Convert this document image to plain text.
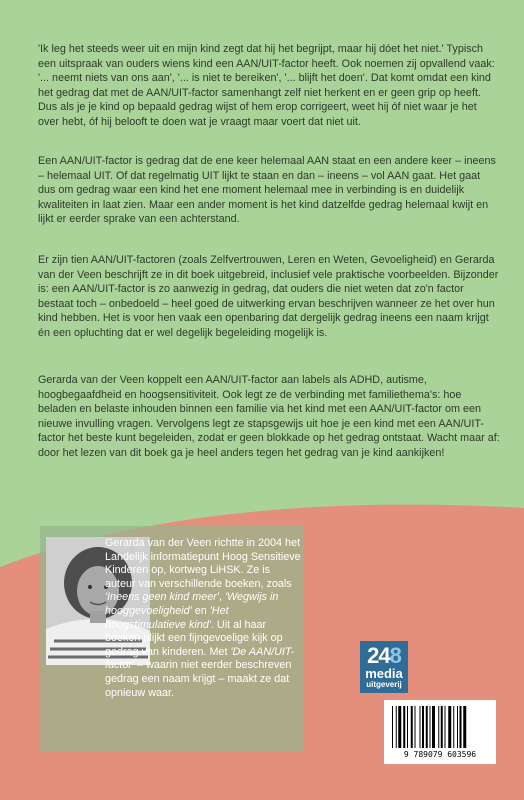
'Ik leg het steeds weer uit en mijn kind zegt dat hij het begrijpt, maar hij dóet het niet.' Typisch een uitspraak van ouders wiens kind een AAN/UIT-factor heeft. Ook noemen zij opvallend vaak: '... neemt niets van ons aan', '... is niet te bereiken', '... blijft het doen'. Dat komt omdat een kind het gedrag dat met de AAN/UIT-factor samenhangt zelf niet herkent en er geen grip op heeft. Dus als je je kind op bepaald gedrag wijst of hem erop corrigeert, weet hij óf niet waar je het over hebt, óf hij belooft te doen wat je vraagt maar voert dat niet uit.

Een AAN/UIT-factor is gedrag dat de ene keer helemaal AAN staat en een andere keer – ineens – helemaal UIT. Of dat regelmatig UIT lijkt te staan en dan – ineens – vol AAN gaat. Het gaat dus om gedrag waar een kind het ene moment helemaal mee in verbinding is en duidelijk kwaliteiten in laat zien. Maar een ander moment is het kind datzelfde gedrag helemaal kwijt en lijkt er eerder sprake van een achterstand.

Er zijn tien AAN/UIT-factoren (zoals Zelfvertrouwen, Leren en Weten, Gevoeligheid) en Gerarda van der Veen beschrijft ze in dit boek uitgebreid, inclusief vele praktische voorbeelden. Bijzonder is: een AAN/UIT-factor is zo aanwezig in gedrag, dat ouders die niet weten dat zo'n factor bestaat toch – onbedoeld – heel goed de uitwerking ervan beschrijven wanneer ze het over hun kind hebben. Het is voor hen vaak een openbaring dat dergelijk gedrag ineens een naam krijgt én een opluchting dat er wel degelijk begeleiding mogelijk is.

Gerarda van der Veen koppelt een AAN/UIT-factor aan labels als ADHD, autisme, hoogbegaafdheid en hoogsensitiviteit. Ook legt ze de verbinding met familiethema's: hoe beladen en belaste inhouden binnen een familie via het kind met een AAN/UIT-factor om een nieuwe invulling vragen. Vervolgens legt ze stapsgewijs uit hoe je een kind met een AAN/UIT-factor het beste kunt begeleiden, zodat er geen blokkade op het gedrag ontstaat. Wacht maar af: door het lezen van dit boek ga je heel anders tegen het gedrag van je kind aankijken!

Gerarda van der Veen richtte in 2004 het Landelijk informatiepunt Hoog Sensitieve Kinderen op, kortweg LiHSK. Ze is auteur van verschillende boeken, zoals 'Ineens geen kind meer', 'Wegwijs in hooggevoeligheid' en 'Het hoogstimulatieve kind'. Uit al haar boeken blijkt een fijngevoelige kijk op gedrag van kinderen. Met 'De AAN/UIT-factor' – waarin niet eerder beschreven gedrag een naam krijgt – maakt ze dat opnieuw waar.

248
media
uitgeverij
9 789079 603596
